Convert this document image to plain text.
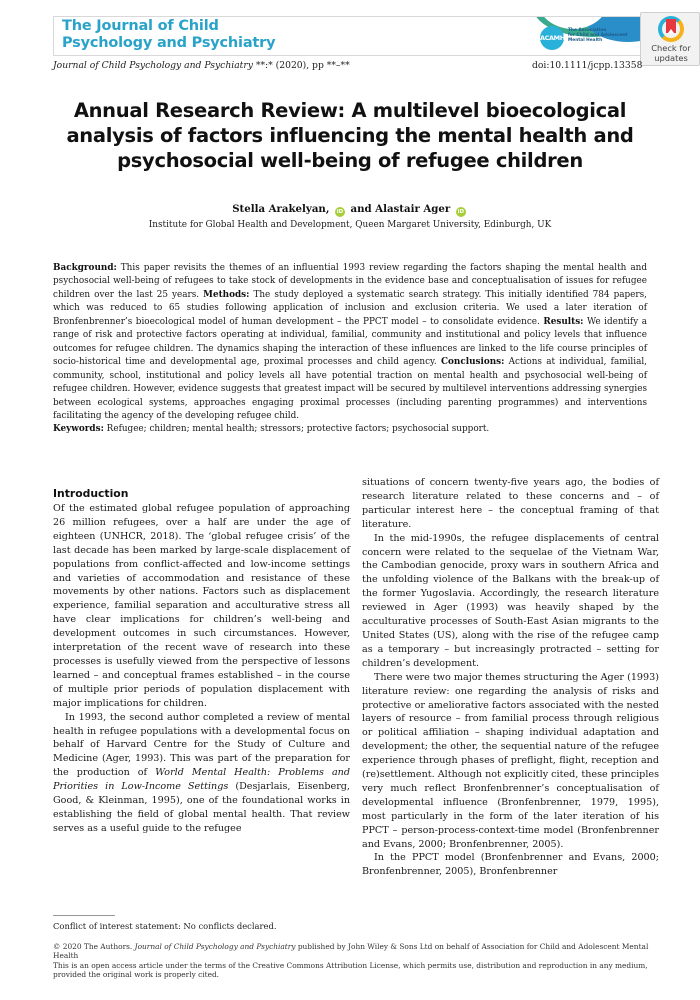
The Journal of Child
Psychology and Psychiatry	ACAMH
The Association
for Child and Adolescent
Mental Health
Check for
updates
Journal of Child Psychology and Psychiatry **:* (2020), pp **–**	doi:10.1111/jcpp.13358
Annual Research Review: A multilevel bioecological analysis of factors influencing the mental health and psychosocial well-being of refugee children
Stella Arakelyan, iD and Alastair Ager iD
Institute for Global Health and Development, Queen Margaret University, Edinburgh, UK
Background: This paper revisits the themes of an influential 1993 review regarding the factors shaping the mental health and psychosocial well-being of refugees to take stock of developments in the evidence base and conceptualisation of issues for refugee children over the last 25 years. Methods: The study deployed a systematic search strategy. This initially identified 784 papers, which was reduced to 65 studies following application of inclusion and exclusion criteria. We used a later iteration of Bronfenbrenner’s bioecological model of human development – the PPCT model – to consolidate evidence. Results: We identify a range of risk and protective factors operating at individual, familial, community and institutional and policy levels that influence outcomes for refugee children. The dynamics shaping the interaction of these influences are linked to the life course principles of socio-historical time and developmental age, proximal processes and child agency. Conclusions: Actions at individual, familial, community, school, institutional and policy levels all have potential traction on mental health and psychosocial well-being of refugee children. However, evidence suggests that greatest impact will be secured by multilevel interventions addressing synergies between ecological systems, approaches engaging proximal processes (including parenting programmes) and interventions facilitating the agency of the developing refugee child.
Keywords: Refugee; children; mental health; stressors; protective factors; psychosocial support.
Introduction

Of the estimated global refugee population of approaching 26 million refugees, over a half are under the age of eighteen (UNHCR, 2018). The ‘global refugee crisis’ of the last decade has been marked by large-scale displacement of populations from conflict-affected and low-income settings and varieties of accommodation and resistance of these movements by other nations. Factors such as displacement experience, familial separation and acculturative stress all have clear implications for children’s well-being and development outcomes in such circumstances. However, interpretation of the recent wave of research into these processes is usefully viewed from the perspective of lessons learned – and conceptual frames established – in the course of multiple prior periods of population displacement with major implications for children.

In 1993, the second author completed a review of mental health in refugee populations with a developmental focus on behalf of Harvard Centre for the Study of Culture and Medicine (Ager, 1993). This was part of the preparation for the production of World Mental Health: Problems and Priorities in Low-Income Settings (Desjarlais, Eisenberg, Good, & Kleinman, 1995), one of the foundational works in establishing the field of global mental health. That review serves as a useful guide to the refugee

situations of concern twenty-five years ago, the bodies of research literature related to these concerns and – of particular interest here – the conceptual framing of that literature.

In the mid-1990s, the refugee displacements of central concern were related to the sequelae of the Vietnam War, the Cambodian genocide, proxy wars in southern Africa and the unfolding violence of the Balkans with the break-up of the former Yugoslavia. Accordingly, the research literature reviewed in Ager (1993) was heavily shaped by the acculturative processes of South-East Asian migrants to the United States (US), along with the rise of the refugee camp as a temporary – but increasingly protracted – setting for children’s development.

There were two major themes structuring the Ager (1993) literature review: one regarding the analysis of risks and protective or ameliorative factors associated with the nested layers of resource – from familial process through religious or political affiliation – shaping individual adaptation and development; the other, the sequential nature of the refugee experience through phases of preflight, flight, reception and (re)settlement. Although not explicitly cited, these principles very much reflect Bronfenbrenner’s conceptualisation of developmental influence (Bronfenbrenner, 1979, 1995), most particularly in the form of the later iteration of his PPCT – person-process-context-time model (Bronfenbrenner and Evans, 2000; Bronfenbrenner, 2005).

In the PPCT model (Bronfenbrenner and Evans, 2000; Bronfenbrenner, 2005), Bronfenbrenner

Conflict of interest statement: No conflicts declared.
© 2020 The Authors. Journal of Child Psychology and Psychiatry published by John Wiley & Sons Ltd on behalf of Association for Child and Adolescent Mental Health
This is an open access article under the terms of the Creative Commons Attribution License, which permits use, distribution and reproduction in any medium, provided the original work is properly cited.
